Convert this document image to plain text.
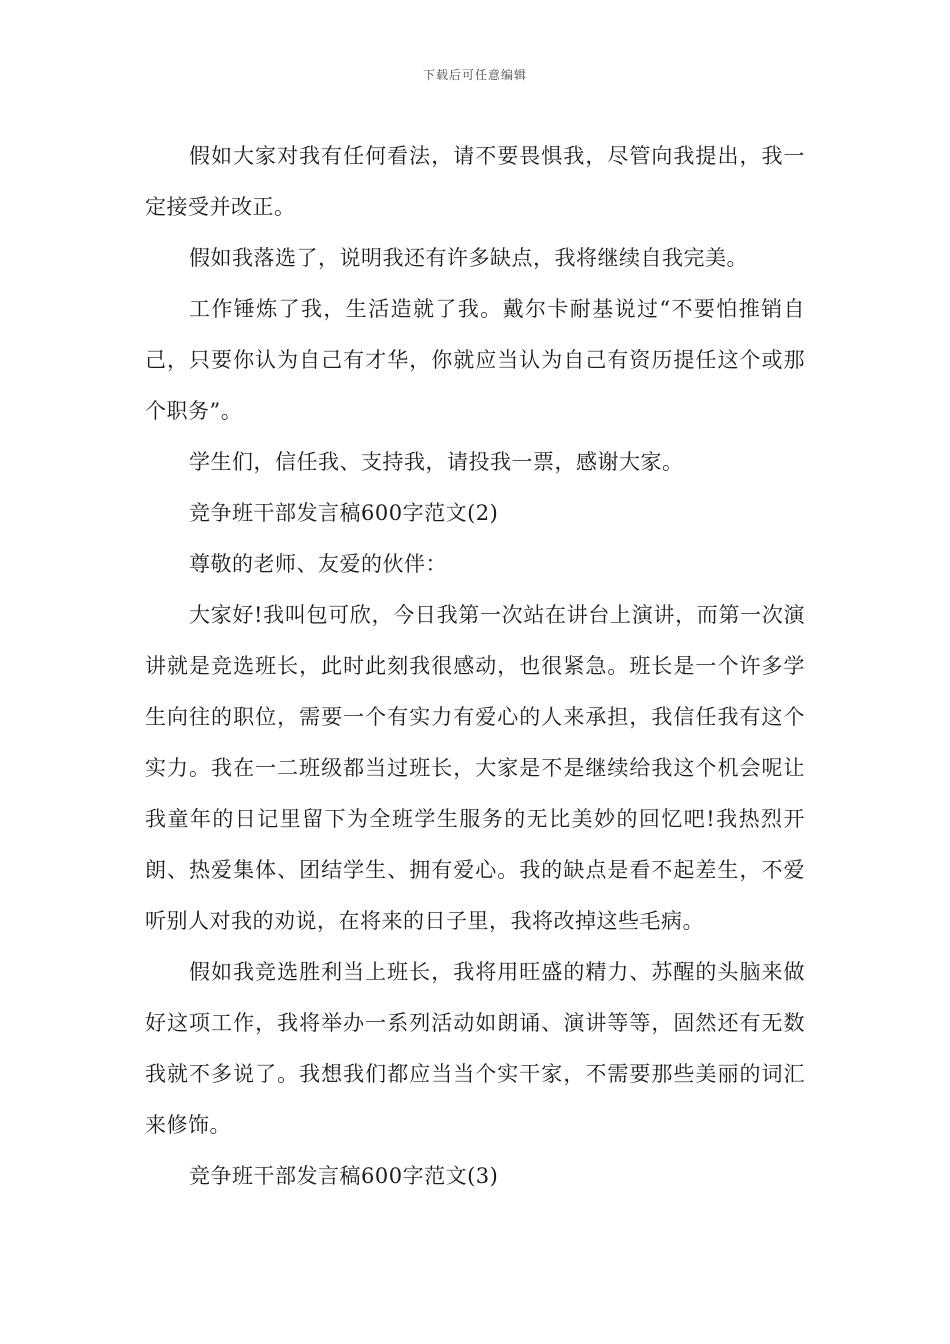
下载后可任意编辑

假如大家对我有任何看法，请不要畏惧我，尽管向我提出，我一定接受并改正。

假如我落选了，说明我还有许多缺点，我将继续自我完美。

工作锤炼了我，生活造就了我。戴尔卡耐基说过“不要怕推销自己，只要你认为自己有才华，你就应当认为自己有资历提任这个或那个职务”。

学生们，信任我、支持我，请投我一票，感谢大家。

竞争班干部发言稿600字范文(2)

尊敬的老师、友爱的伙伴：

大家好!我叫包可欣，今日我第一次站在讲台上演讲，而第一次演讲就是竞选班长，此时此刻我很感动，也很紧急。班长是一个许多学生向往的职位，需要一个有实力有爱心的人来承担，我信任我有这个实力。我在一二班级都当过班长，大家是不是继续给我这个机会呢让我童年的日记里留下为全班学生服务的无比美妙的回忆吧!我热烈开朗、热爱集体、团结学生、拥有爱心。我的缺点是看不起差生，不爱听别人对我的劝说，在将来的日子里，我将改掉这些毛病。

假如我竞选胜利当上班长，我将用旺盛的精力、苏醒的头脑来做好这项工作，我将举办一系列活动如朗诵、演讲等等，固然还有无数我就不多说了。我想我们都应当当个实干家，不需要那些美丽的词汇来修饰。

竞争班干部发言稿600字范文(3)
